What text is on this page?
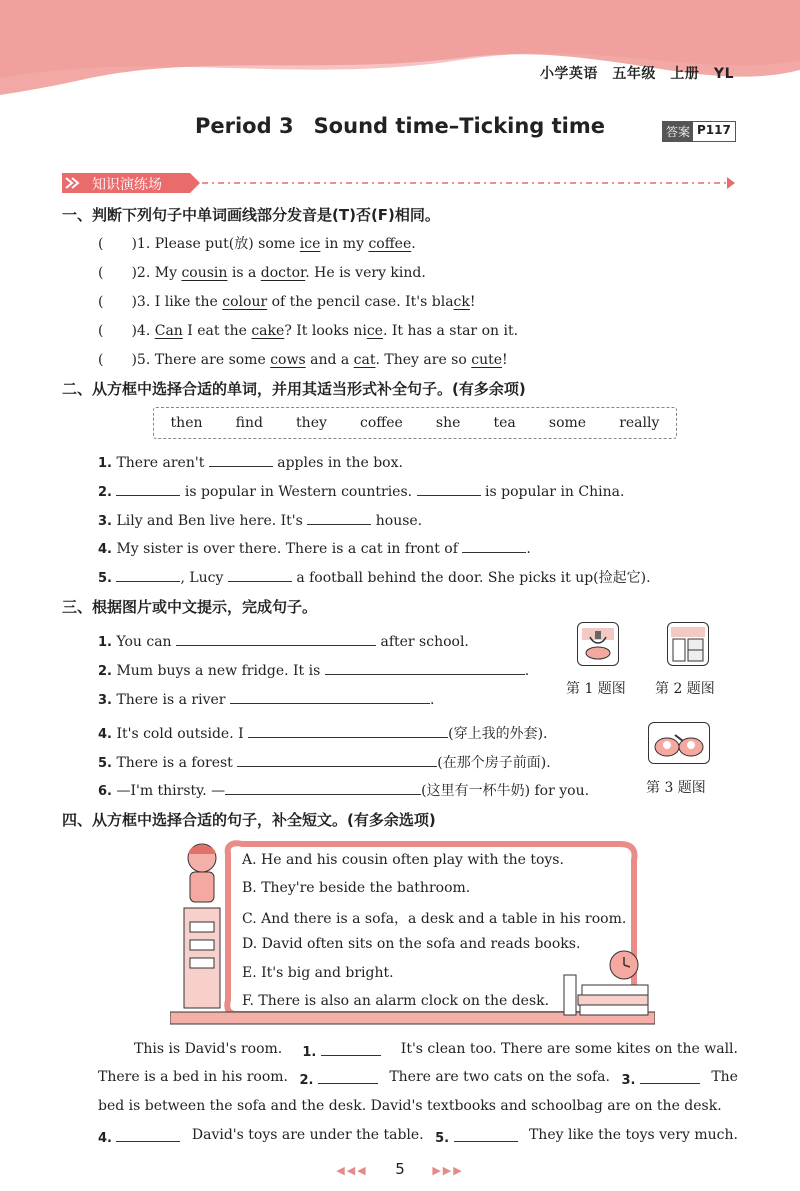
小学英语　五年级　上册　YL
Period 3 Sound time–Ticking time	答案 P117
知识演练场
一、判断下列句子中单词画线部分发音是(T)否(F)相同。
(　　)1. Please put(放) some ice in my coffee.
(　　)2. My cousin is a doctor. He is very kind.
(　　)3. I like the colour of the pencil case. It's black!
(　　)4. Can I eat the cake? It looks nice. It has a star on it.
(　　)5. There are some cows and a cat. They are so cute!
二、从方框中选择合适的单词，并用其适当形式补全句子。(有多余项)
then find they coffee she tea some really
1. There aren't	apples in the box.
2.	is popular in Western countries.	is popular in China.
3. Lily and Ben live here. It's	house.
4. My sister is over there. There is a cat in front of	.
5.	, Lucy	a football behind the door. She picks it up(捡起它).
三、根据图片或中文提示，完成句子。
1. You can	after school.
2. Mum buys a new fridge. It is	.
3. There is a river	.
4. It's cold outside. I	(穿上我的外套).
5. There is a forest	(在那个房子前面).
6. —I'm thirsty. —	(这里有一杯牛奶) for you.
第 1 题图 第 2 题图
第 3 题图
四、从方框中选择合适的句子，补全短文。(有多余选项)
A. He and his cousin often play with the toys.
B. They're beside the bathroom.
C. And there is a sofa，a desk and a table in his room.
D. David often sits on the sofa and reads books.
E. It's big and bright.
F. There is also an alarm clock on the desk.
This is David's room. 1.	It's clean too. There are some kites on the wall.
There is a bed in his room. 2.	There are two cats on the sofa. 3.	The
bed is between the sofa and the desk. David's textbooks and schoolbag are on the desk.
4.	David's toys are under the table. 5.	They like the toys very much.
◀◀◀ 5	▶▶▶
